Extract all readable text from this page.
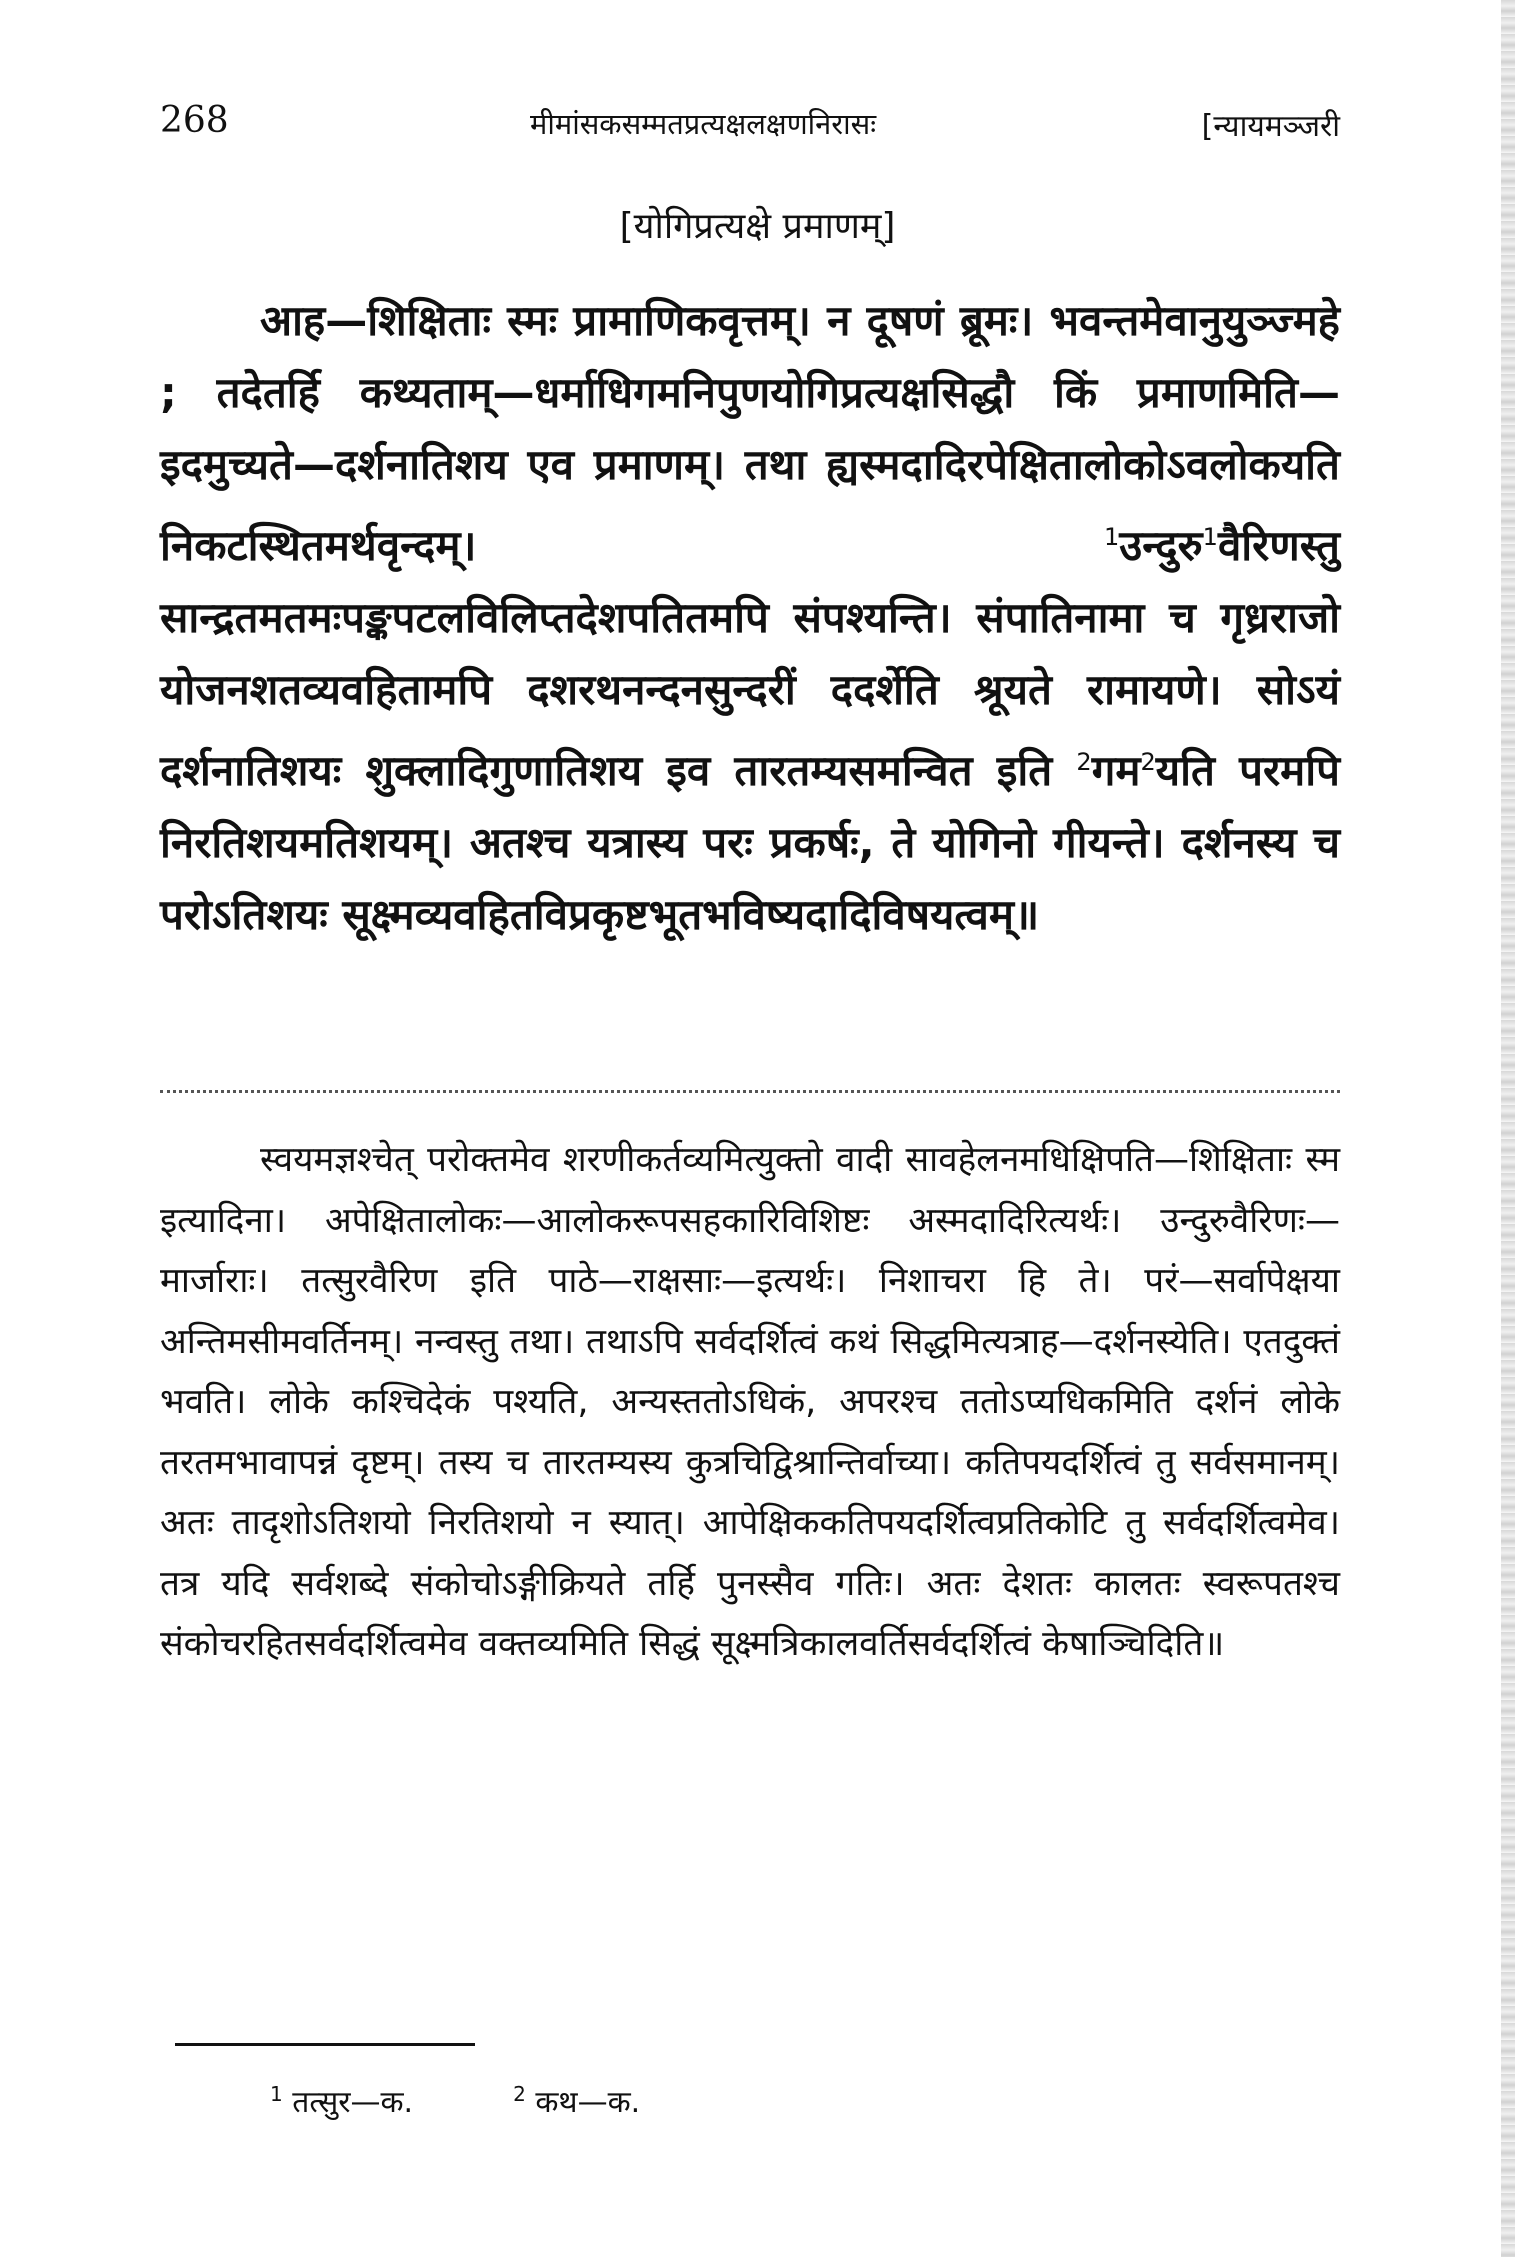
268	मीमांसकसम्मतप्रत्यक्षलक्षणनिरासः	[न्यायमञ्जरी
[योगिप्रत्यक्षे प्रमाणम्]

आह—शिक्षिताः स्मः प्रामाणिकवृत्तम्। न दूषणं ब्रूमः। भवन्तमेवानुयुञ्ज्महे ; तदेतर्हि कथ्यताम्—धर्माधिगमनिपुणयोगिप्रत्यक्षसिद्धौ किं प्रमाणमिति—इदमुच्यते—दर्शनातिशय एव प्रमाणम्। तथा ह्यस्मदादिरपेक्षितालोकोऽवलोकयति निकटस्थितमर्थवृन्दम्।	$^1$उन्दुरु$^1$वैरिणस्तु सान्द्रतमतमःपङ्कपटलविलिप्तदेशपतितमपि संपश्यन्ति। संपातिनामा च गृध्रराजो योजनशतव्यवहितामपि दशरथनन्दनसुन्दरीं ददर्शेति श्रूयते रामायणे। सोऽयं दर्शनातिशयः शुक्लादिगुणातिशय इव तारतम्यसमन्वित इति $^2$गम$^2$यति परमपि निरतिशयमतिशयम्। अतश्च यत्रास्य परः प्रकर्षः, ते योगिनो गीयन्ते। दर्शनस्य च परोऽतिशयः सूक्ष्मव्यवहितविप्रकृष्टभूतभविष्यदादिविषयत्वम्॥

स्वयमज्ञश्चेत् परोक्तमेव शरणीकर्तव्यमित्युक्तो वादी सावहेलनमधिक्षिपति—शिक्षिताः स्म इत्यादिना। अपेक्षितालोकः—आलोकरूपसहकारिविशिष्टः अस्मदादिरित्यर्थः। उन्दुरुवैरिणः—मार्जाराः। तत्सुरवैरिण इति पाठे—राक्षसाः—इत्यर्थः। निशाचरा हि ते। परं—सर्वापेक्षया अन्तिमसीमवर्तिनम्। नन्वस्तु तथा। तथाऽपि सर्वदर्शित्वं कथं सिद्धमित्यत्राह—दर्शनस्येति। एतदुक्तं भवति। लोके कश्चिदेकं पश्यति, अन्यस्ततोऽधिकं, अपरश्च ततोऽप्यधिकमिति दर्शनं लोके तरतमभावापन्नं दृष्टम्। तस्य च तारतम्यस्य कुत्रचिद्विश्रान्तिर्वाच्या। कतिपयदर्शित्वं तु सर्वसमानम्। अतः तादृशोऽतिशयो निरतिशयो न स्यात्। आपेक्षिककतिपयदर्शित्वप्रतिकोटि तु सर्वदर्शित्वमेव। तत्र यदि सर्वशब्दे संकोचोऽङ्गीक्रियते तर्हि पुनस्सैव गतिः। अतः देशतः कालतः स्वरूपतश्च संकोचरहितसर्वदर्शित्वमेव वक्तव्यमिति सिद्धं सूक्ष्मत्रिकालवर्तिसर्वदर्शित्वं केषाञ्चिदिति॥

$^1$ तत्सुर—क.	$^2$ कथ—क.
